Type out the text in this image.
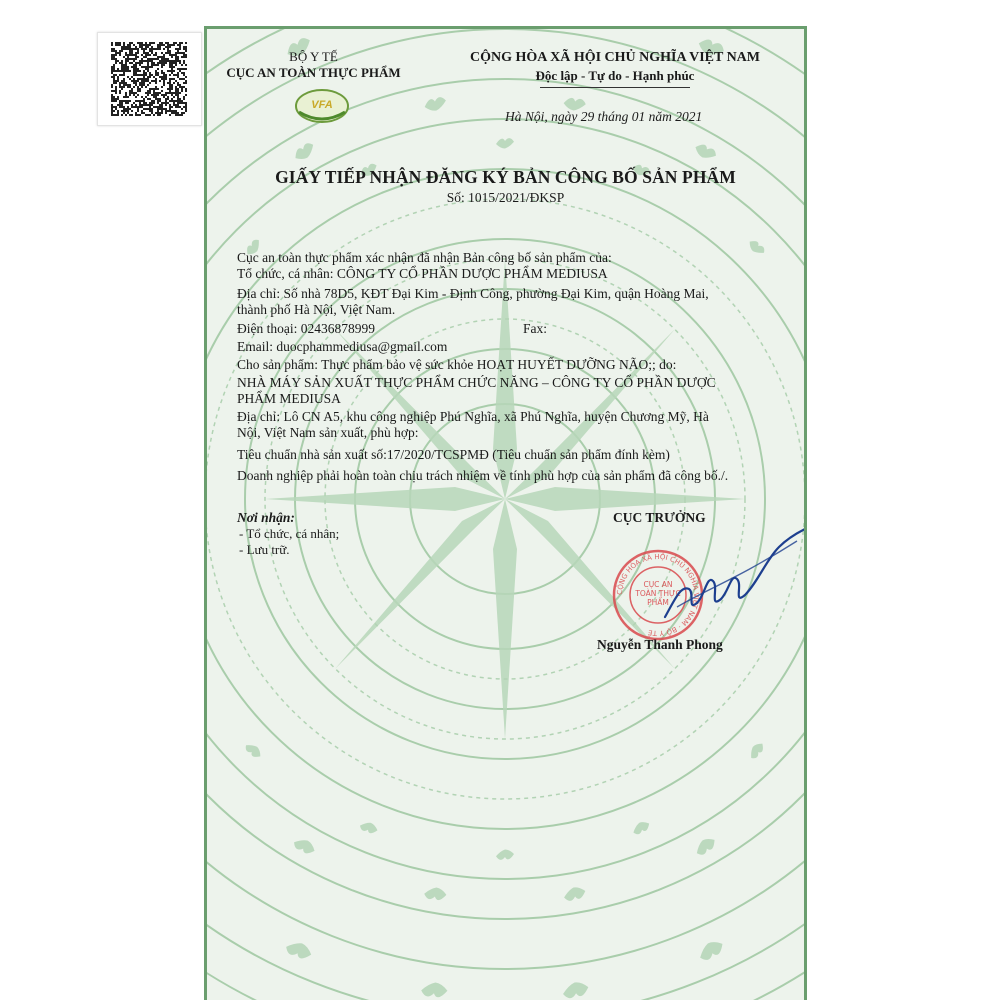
BỘ Y TẾ
CỤC AN TOÀN THỰC PHẨM
VFA
CỘNG HÒA XÃ HỘI CHỦ NGHĨA VIỆT NAM
Độc lập - Tự do - Hạnh phúc
Hà Nội, ngày 29 tháng 01 năm 2021
GIẤY TIẾP NHẬN ĐĂNG KÝ BẢN CÔNG BỐ SẢN PHẨM
Số: 1015/2021/ĐKSP
Cục an toàn thực phẩm xác nhận đã nhận Bản công bố sản phẩm của:
Tổ chức, cá nhân: CÔNG TY CỔ PHẦN DƯỢC PHẨM MEDIUSA
Địa chỉ: Số nhà 78D5, KĐT Đại Kim - Định Công, phường Đại Kim, quận Hoàng Mai,
thành phố Hà Nội, Việt Nam.
Điện thoại: 02436878999	Fax:
Email: duocphammediusa@gmail.com
Cho sản phẩm: Thực phẩm bảo vệ sức khỏe HOẠT HUYẾT DƯỠNG NÃO;; do:
NHÀ MÁY SẢN XUẤT THỰC PHẨM CHỨC NĂNG – CÔNG TY CỔ PHẦN DƯỢC
PHẨM MEDIUSA
Địa chỉ: Lô CN A5, khu công nghiệp Phú Nghĩa, xã Phú Nghĩa, huyện Chương Mỹ, Hà
Nội, Việt Nam sản xuất, phù hợp:
Tiêu chuẩn nhà sản xuất số:17/2020/TCSPMĐ (Tiêu chuẩn sản phẩm đính kèm)
Doanh nghiệp phải hoàn toàn chịu trách nhiệm về tính phù hợp của sản phẩm đã công bố./.
Nơi nhận:
- Tổ chức, cá nhân;
- Lưu trữ.
CỤC TRƯỞNG
CỘNG HÒA XÃ HỘI CHỦ NGHĨA VIỆT NAM · BỘ Y TẾ
CỤC AN TOÀN THỰC PHẨM
Nguyễn Thanh Phong
